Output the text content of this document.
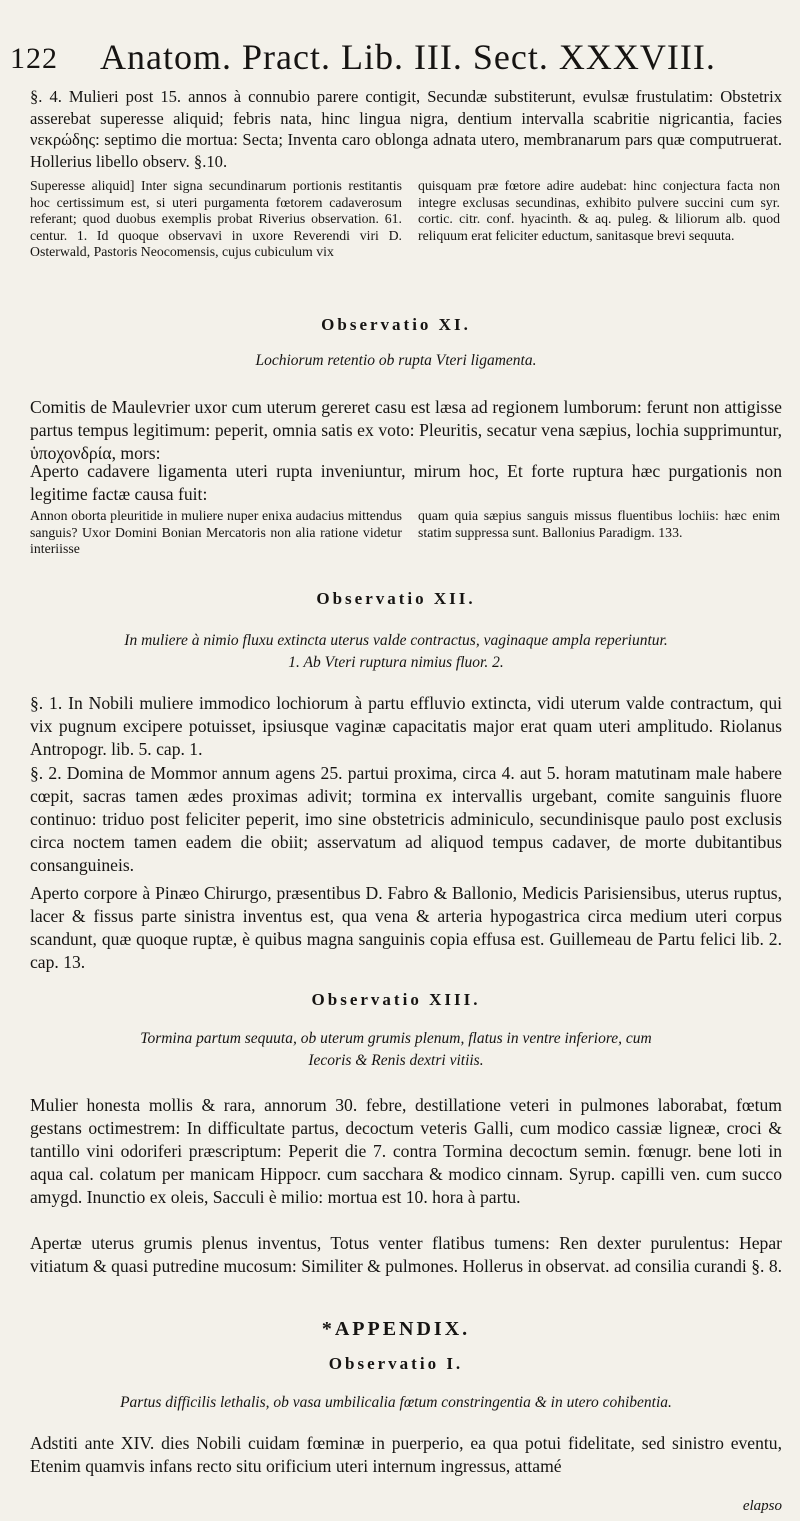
122 Anatom. Pract. Lib. III. Sect. XXXVIII.

§. 4. Mulieri post 15. annos à connubio parere contigit, Secundæ substiterunt, evulsæ frustulatim: Obstetrix asserebat superesse aliquid; febris nata, hinc lingua nigra, dentium intervalla scabritie nigricantia, facies νεκρώδης: septimo die mortua: Secta; Inventa caro oblonga adnata utero, membranarum pars quæ computruerat. Hollerius libello observ. §.10.

Superesse aliquid] Inter signa secundinarum portionis restitantis hoc certissimum est, si uteri purgamenta fœtorem cadaverosum referant; quod duobus exemplis probat Riverius observation. 61. centur. 1. Id quoque observavi in uxore Reverendi viri D. Osterwald, Pastoris Neocomensis, cujus cubiculum vix
quisquam præ fœtore adire audebat: hinc conjectura facta non integre exclusas secundinas, exhibito pulvere succini cum syr. cortic. citr. conf. hyacinth. & aq. puleg. & liliorum alb. quod reliquum erat feliciter eductum, sanitasque brevi sequuta.
Observatio XI.
Lochiorum retentio ob rupta Vteri ligamenta.

Comitis de Maulevrier uxor cum uterum gereret casu est læsa ad regionem lumborum: ferunt non attigisse partus tempus legitimum: peperit, omnia satis ex voto: Pleuritis, secatur vena sæpius, lochia supprimuntur, ὑποχονδρία, mors:

Aperto cadavere ligamenta uteri rupta inveniuntur, mirum hoc, Et forte ruptura hæc purgationis non legitime factæ causa fuit:

Annon oborta pleuritide in muliere nuper enixa audacius mittendus sanguis? Uxor Domini Bonian Mercatoris non alia ratione videtur interiisse
quam quia sæpius sanguis missus fluentibus lochiis: hæc enim statim suppressa sunt. Ballonius Paradigm. 133.
Observatio XII.
In muliere à nimio fluxu extincta uterus valde contractus, vaginaque ampla reperiuntur.
1. Ab Vteri ruptura nimius fluor. 2.

§. 1. In Nobili muliere immodico lochiorum à partu effluvio extincta, vidi uterum valde contractum, qui vix pugnum excipere potuisset, ipsiusque vaginæ capacitatis major erat quam uteri amplitudo. Riolanus Antropogr. lib. 5. cap. 1.

§. 2. Domina de Mommor annum agens 25. partui proxima, circa 4. aut 5. horam matutinam male habere cœpit, sacras tamen ædes proximas adivit; tormina ex intervallis urgebant, comite sanguinis fluore continuo: triduo post feliciter peperit, imo sine obstetricis adminiculo, secundinisque paulo post exclusis circa noctem tamen eadem die obiit; asservatum ad aliquod tempus cadaver, de morte dubitantibus consanguineis.

Aperto corpore à Pinæo Chirurgo, præsentibus D. Fabro & Ballonio, Medicis Parisiensibus, uterus ruptus, lacer & fissus parte sinistra inventus est, qua vena & arteria hypogastrica circa medium uteri corpus scandunt, quæ quoque ruptæ, è quibus magna sanguinis copia effusa est. Guillemeau de Partu felici lib. 2. cap. 13.

Observatio XIII.
Tormina partum sequuta, ob uterum grumis plenum, flatus in ventre inferiore, cum
Iecoris & Renis dextri vitiis.

Mulier honesta mollis & rara, annorum 30. febre, destillatione veteri in pulmones laborabat, fœtum gestans octimestrem: In difficultate partus, decoctum veteris Galli, cum modico cassiæ ligneæ, croci & tantillo vini odoriferi præscriptum: Peperit die 7. contra Tormina decoctum semin. fœnugr. bene loti in aqua cal. colatum per manicam Hippocr. cum sacchara & modico cinnam. Syrup. capilli ven. cum succo amygd. Inunctio ex oleis, Sacculi è milio: mortua est 10. hora à partu.

Apertæ uterus grumis plenus inventus, Totus venter flatibus tumens: Ren dexter purulentus: Hepar vitiatum & quasi putredine mucosum: Similiter & pulmones. Hollerus in observat. ad consilia curandi §. 8.

*APPENDIX.
Observatio I.
Partus difficilis lethalis, ob vasa umbilicalia fœtum constringentia & in utero cohibentia.

Adstiti ante XIV. dies Nobili cuidam fœminæ in puerperio, ea qua potui fidelitate, sed sinistro eventu, Etenim quamvis infans recto situ orificium uteri internum ingressus, attamé

elapso
